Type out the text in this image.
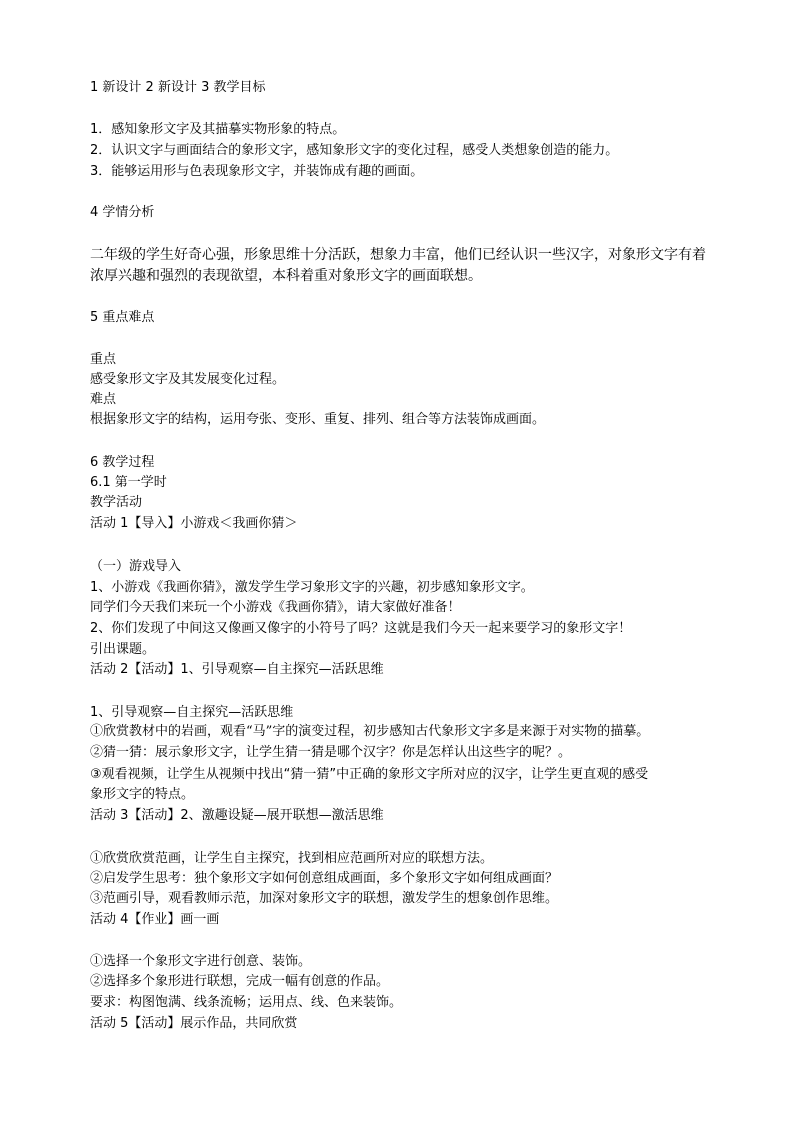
1 新设计 2 新设计 3 教学目标
1．感知象形文字及其描摹实物形象的特点。
2．认识文字与画面结合的象形文字，感知象形文字的变化过程，感受人类想象创造的能力。
3．能够运用形与色表现象形文字，并装饰成有趣的画面。
4 学情分析
二年级的学生好奇心强，形象思维十分活跃，想象力丰富，他们已经认识一些汉字，对象形文字有着
浓厚兴趣和强烈的表现欲望，本科着重对象形文字的画面联想。
5 重点难点
重点
感受象形文字及其发展变化过程。
难点
根据象形文字的结构，运用夸张、变形、重复、排列、组合等方法装饰成画面。
6 教学过程
6.1 第一学时
教学活动
活动 1【导入】小游戏＜我画你猜＞
（一）游戏导入
1、小游戏《我画你猜》，激发学生学习象形文字的兴趣，初步感知象形文字。
同学们今天我们来玩一个小游戏《我画你猜》，请大家做好准备！
2、你们发现了中间这又像画又像字的小符号了吗？这就是我们今天一起来要学习的象形文字！
引出课题。
活动 2【活动】1、引导观察—自主探究—活跃思维
1、引导观察—自主探究—活跃思维
①欣赏教材中的岩画，观看“马”字的演变过程，初步感知古代象形文字多是来源于对实物的描摹。
②猜一猜：展示象形文字，让学生猜一猜是哪个汉字？你是怎样认出这些字的呢？。
③观看视频，让学生从视频中找出“猜一猜”中正确的象形文字所对应的汉字，让学生更直观的感受
象形文字的特点。
活动 3【活动】2、激趣设疑—展开联想—激活思维
①欣赏欣赏范画，让学生自主探究，找到相应范画所对应的联想方法。
②启发学生思考：独个象形文字如何创意组成画面，多个象形文字如何组成画面？
③范画引导，观看教师示范，加深对象形文字的联想，激发学生的想象创作思维。
活动 4【作业】画一画
①选择一个象形文字进行创意、装饰。
②选择多个象形进行联想，完成一幅有创意的作品。
要求：构图饱满、线条流畅；运用点、线、色来装饰。
活动 5【活动】展示作品，共同欣赏
